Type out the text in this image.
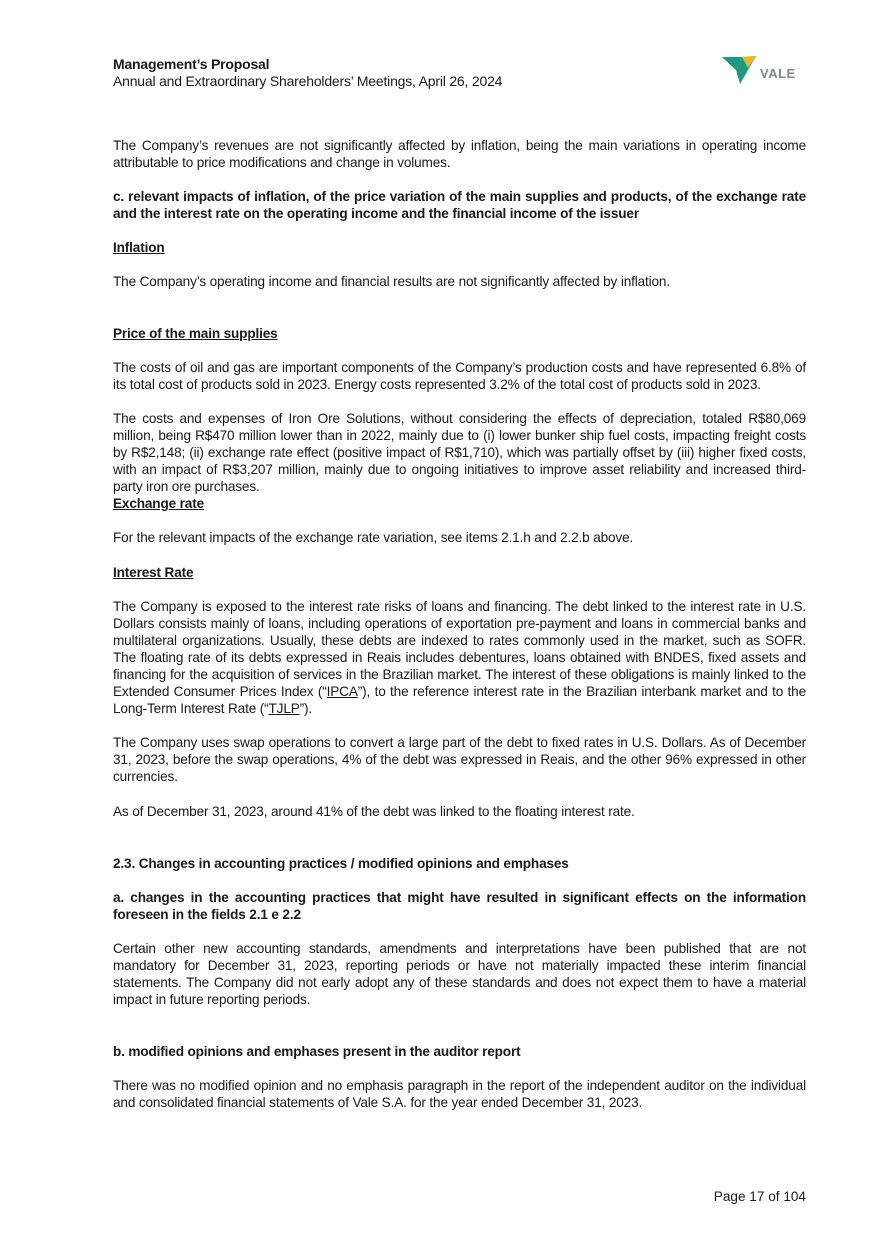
Management’s Proposal
Annual and Extraordinary Shareholders’ Meetings, April 26, 2024	VALE

The Company’s revenues are not significantly affected by inflation, being the main variations in operating income attributable to price modifications and change in volumes.

c. relevant impacts of inflation, of the price variation of the main supplies and products, of the exchange rate and the interest rate on the operating income and the financial income of the issuer

Inflation

The Company’s operating income and financial results are not significantly affected by inflation.

Price of the main supplies

The costs of oil and gas are important components of the Company’s production costs and have represented 6.8% of its total cost of products sold in 2023. Energy costs represented 3.2% of the total cost of products sold in 2023.

The costs and expenses of Iron Ore Solutions, without considering the effects of depreciation, totaled R$80,069 million, being R$470 million lower than in 2022, mainly due to (i) lower bunker ship fuel costs, impacting freight costs by R$2,148; (ii) exchange rate effect (positive impact of R$1,710), which was partially offset by (iii) higher fixed costs, with an impact of R$3,207 million, mainly due to ongoing initiatives to improve asset reliability and increased third-party iron ore purchases.

Exchange rate

For the relevant impacts of the exchange rate variation, see items 2.1.h and 2.2.b above.

Interest Rate

The Company is exposed to the interest rate risks of loans and financing. The debt linked to the interest rate in U.S. Dollars consists mainly of loans, including operations of exportation pre-payment and loans in commercial banks and multilateral organizations. Usually, these debts are indexed to rates commonly used in the market, such as SOFR. The floating rate of its debts expressed in Reais includes debentures, loans obtained with BNDES, fixed assets and financing for the acquisition of services in the Brazilian market. The interest of these obligations is mainly linked to the Extended Consumer Prices Index (“IPCA”), to the reference interest rate in the Brazilian interbank market and to the Long-Term Interest Rate (“TJLP”).

The Company uses swap operations to convert a large part of the debt to fixed rates in U.S. Dollars. As of December 31, 2023, before the swap operations, 4% of the debt was expressed in Reais, and the other 96% expressed in other currencies.

As of December 31, 2023, around 41% of the debt was linked to the floating interest rate.

2.3. Changes in accounting practices / modified opinions and emphases

a. changes in the accounting practices that might have resulted in significant effects on the information foreseen in the fields 2.1 e 2.2

Certain other new accounting standards, amendments and interpretations have been published that are not mandatory for December 31, 2023, reporting periods or have not materially impacted these interim financial statements. The Company did not early adopt any of these standards and does not expect them to have a material impact in future reporting periods.

b. modified opinions and emphases present in the auditor report

There was no modified opinion and no emphasis paragraph in the report of the independent auditor on the individual and consolidated financial statements of Vale S.A. for the year ended December 31, 2023.

Page 17 of 104
